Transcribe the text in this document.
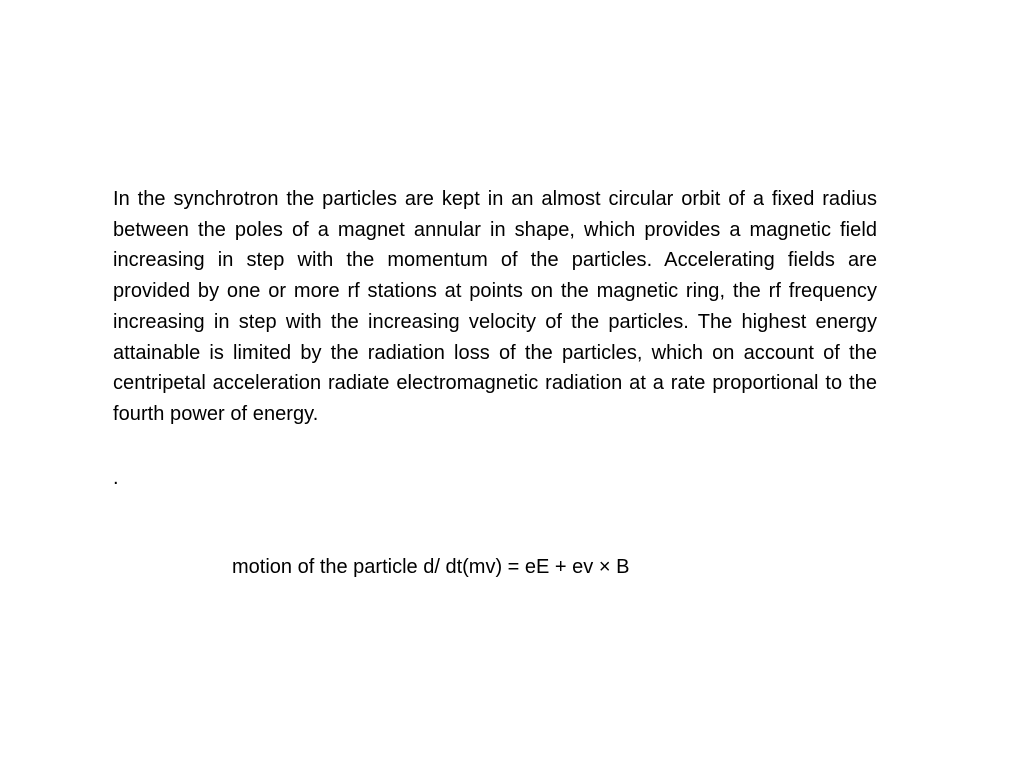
In the synchrotron the particles are kept in an almost circular orbit of a fixed radius between the poles of a magnet annular in shape, which provides a magnetic field increasing in step with the momentum of the particles. Accelerating fields are provided by one or more rf stations at points on the magnetic ring, the rf frequency increasing in step with the increasing velocity of the particles. The highest energy attainable is limited by the radiation loss of the particles, which on account of the centripetal acceleration radiate electromagnetic radiation at a rate proportional to the fourth power of energy.

.

motion of the particle d/ dt(mv) = eE + ev × B
